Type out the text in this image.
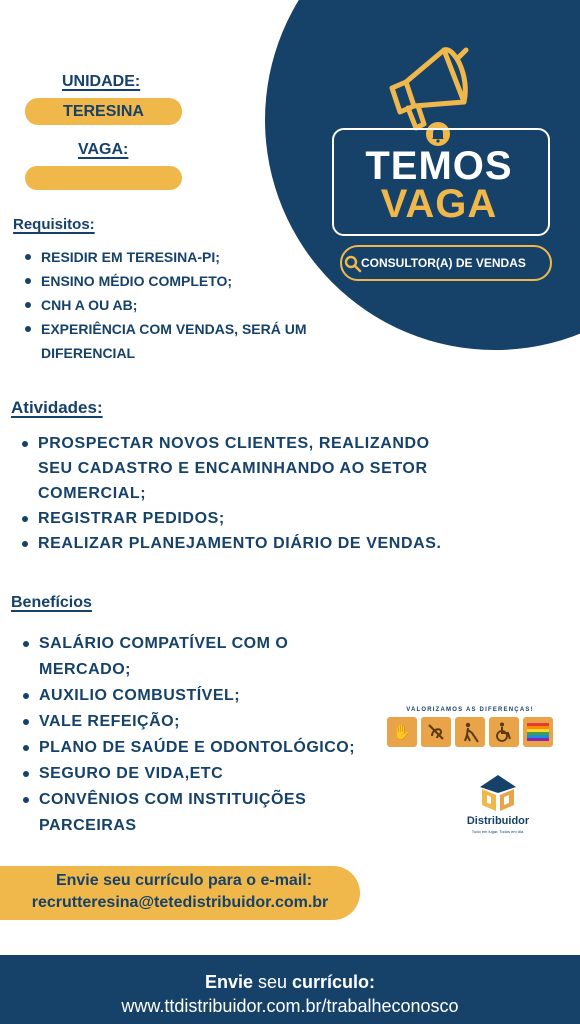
TEMOS
VAGA
CONSULTOR(A) DE VENDAS
UNIDADE:
TERESINA
VAGA:
Requisitos:
RESIDIR EM TERESINA-PI;
ENSINO MÉDIO COMPLETO;
CNH A OU AB;
EXPERIÊNCIA COM VENDAS, SERÁ UM
DIFERENCIAL
Atividades:
PROSPECTAR NOVOS CLIENTES, REALIZANDO
SEU CADASTRO E ENCAMINHANDO AO SETOR
COMERCIAL;
REGISTRAR PEDIDOS;
REALIZAR PLANEJAMENTO DIÁRIO DE VENDAS.
Benefícios
SALÁRIO COMPATÍVEL COM O
MERCADO;
AUXILIO COMBUSTÍVEL;
VALE REFEIÇÃO;
PLANO DE SAÚDE E ODONTOLÓGICO;
SEGURO DE VIDA,ETC
CONVÊNIOS COM INSTITUIÇÕES
PARCEIRAS
VALORIZAMOS AS DIFERENÇAS!
✋
Distribuidor
Tudo em lugar. Todos em dia.
Envie seu currículo para o e-mail:
recrutteresina@tetedistribuidor.com.br
Envie seu currículo:
www.ttdistribuidor.com.br/trabalheconosco
